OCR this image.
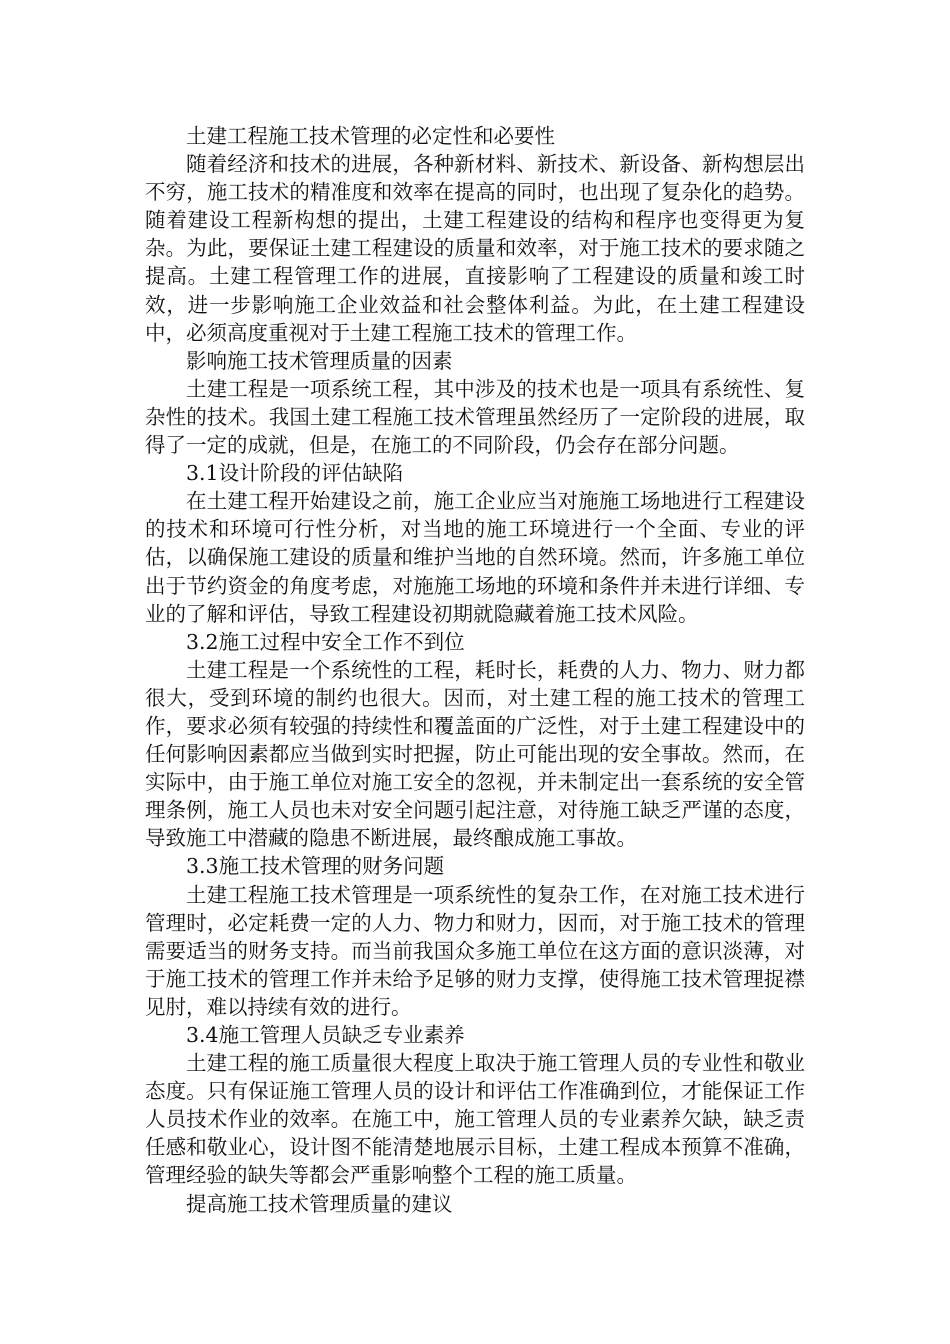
土建工程施工技术管理的必定性和必要性

随着经济和技术的进展，各种新材料、新技术、新设备、新构想层出不穷，施工技术的精准度和效率在提高的同时，也出现了复杂化的趋势。随着建设工程新构想的提出，土建工程建设的结构和程序也变得更为复杂。为此，要保证土建工程建设的质量和效率，对于施工技术的要求随之提高。土建工程管理工作的进展，直接影响了工程建设的质量和竣工时效，进一步影响施工企业效益和社会整体利益。为此，在土建工程建设中，必须高度重视对于土建工程施工技术的管理工作。

影响施工技术管理质量的因素

土建工程是一项系统工程，其中涉及的技术也是一项具有系统性、复杂性的技术。我国土建工程施工技术管理虽然经历了一定阶段的进展，取得了一定的成就，但是，在施工的不同阶段，仍会存在部分问题。

3.1设计阶段的评估缺陷

在土建工程开始建设之前，施工企业应当对施施工场地进行工程建设的技术和环境可行性分析，对当地的施工环境进行一个全面、专业的评估，以确保施工建设的质量和维护当地的自然环境。然而，许多施工单位出于节约资金的角度考虑，对施施工场地的环境和条件并未进行详细、专业的了解和评估，导致工程建设初期就隐藏着施工技术风险。

3.2施工过程中安全工作不到位

土建工程是一个系统性的工程，耗时长，耗费的人力、物力、财力都很大，受到环境的制约也很大。因而，对土建工程的施工技术的管理工作，要求必须有较强的持续性和覆盖面的广泛性，对于土建工程建设中的任何影响因素都应当做到实时把握，防止可能出现的安全事故。然而，在实际中，由于施工单位对施工安全的忽视，并未制定出一套系统的安全管理条例，施工人员也未对安全问题引起注意，对待施工缺乏严谨的态度，导致施工中潜藏的隐患不断进展，最终酿成施工事故。

3.3施工技术管理的财务问题

土建工程施工技术管理是一项系统性的复杂工作，在对施工技术进行管理时，必定耗费一定的人力、物力和财力，因而，对于施工技术的管理需要适当的财务支持。而当前我国众多施工单位在这方面的意识淡薄，对于施工技术的管理工作并未给予足够的财力支撑，使得施工技术管理捉襟见肘，难以持续有效的进行。

3.4施工管理人员缺乏专业素养

土建工程的施工质量很大程度上取决于施工管理人员的专业性和敬业态度。只有保证施工管理人员的设计和评估工作准确到位，才能保证工作人员技术作业的效率。在施工中，施工管理人员的专业素养欠缺，缺乏责任感和敬业心，设计图不能清楚地展示目标，土建工程成本预算不准确，管理经验的缺失等都会严重影响整个工程的施工质量。

提高施工技术管理质量的建议
